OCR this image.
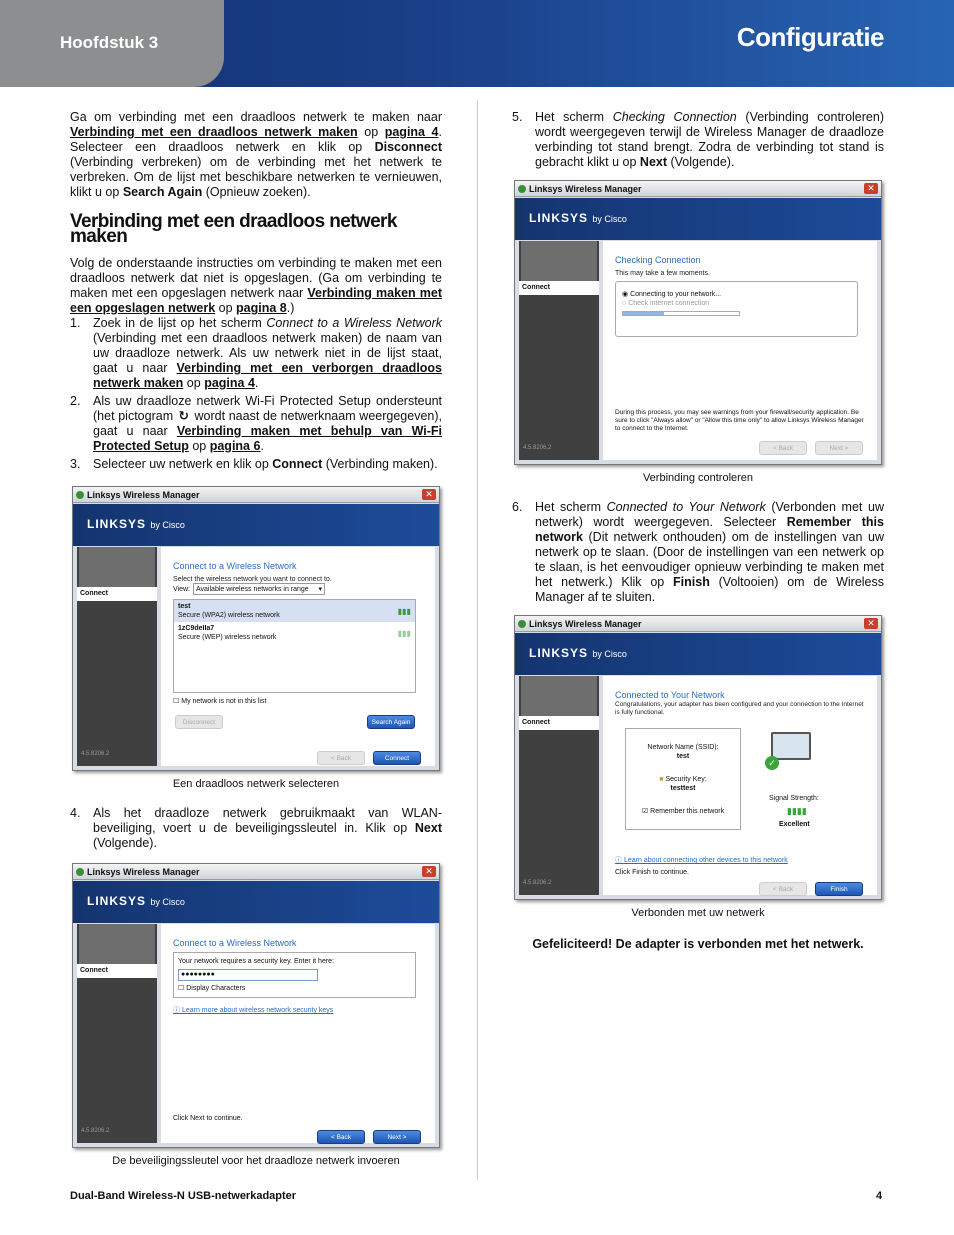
Hoofdstuk 3	Configuratie

Ga om verbinding met een draadloos netwerk te maken naar Verbinding met een draadloos netwerk maken op pagina 4. Selecteer een draadloos netwerk en klik op Disconnect (Verbinding verbreken) om de verbinding met het netwerk te verbreken. Om de lijst met beschikbare netwerken te vernieuwen, klikt u op Search Again (Opnieuw zoeken).

Verbinding met een draadloos netwerk maken

Volg de onderstaande instructies om verbinding te maken met een draadloos netwerk dat niet is opgeslagen. (Ga om verbinding te maken met een opgeslagen netwerk naar Verbinding maken met een opgeslagen netwerk op pagina 8.)

1.	Zoek in de lijst op het scherm Connect to a Wireless Network (Verbinding met een draadloos netwerk maken) de naam van uw draadloze netwerk. Als uw netwerk niet in de lijst staat, gaat u naar Verbinding met een verborgen draadloos netwerk maken op pagina 4.
2.	Als uw draadloze netwerk Wi-Fi Protected Setup ondersteunt (het pictogram ↻ wordt naast de netwerknaam weergegeven), gaat u naar Verbinding maken met behulp van Wi-Fi Protected Setup op pagina 6.
3.	Selecteer uw netwerk en klik op Connect (Verbinding maken).
Linksys Wireless Manager	✕
LINKSYS by Cisco
Connect
4.5.8206.2
Connect to a Wireless Network
Select the wireless network you want to connect to.
View: Available wireless networks in range ▾
test
Secure (WPA2) wireless network	▮▮▮
1zC9deIIa7
Secure (WEP) wireless network	▮▮▮
☐ My network is not in this list
Disconnect	Search Again
< Back	Connect
Een draadloos netwerk selecteren
4.	Als het draadloze netwerk gebruikmaakt van WLAN-beveiliging, voert u de beveiligingssleutel in. Klik op Next (Volgende).
Linksys Wireless Manager	✕
LINKSYS by Cisco
Connect
4.5.8206.2
Connect to a Wireless Network
Your network requires a security key. Enter it here:
●●●●●●●●
☐ Display Characters
ⓘ Learn more about wireless network security keys
Click Next to continue.
< Back	Next >
De beveiligingssleutel voor het draadloze netwerk invoeren
5.	Het scherm Checking Connection (Verbinding controleren) wordt weergegeven terwijl de Wireless Manager de draadloze verbinding tot stand brengt. Zodra de verbinding tot stand is gebracht klikt u op Next (Volgende).
Linksys Wireless Manager	✕
LINKSYS by Cisco
Connect
4.5.8206.2
Checking Connection
This may take a few moments.
◉ Connecting to your network...
○ Check internet connection
During this process, you may see warnings from your firewall/security application. Be sure to click "Always allow" or "Allow this time only" to allow Linksys Wireless Manager to connect to the Internet.
< Back	Next >
Verbinding controleren
6.	Het scherm Connected to Your Network (Verbonden met uw netwerk) wordt weergegeven. Selecteer Remember this network (Dit netwerk onthouden) om de instellingen van uw netwerk op te slaan. (Door de instellingen van een netwerk op te slaan, is het eenvoudiger opnieuw verbinding te maken met het netwerk.) Klik op Finish (Voltooien) om de Wireless Manager af te sluiten.
Linksys Wireless Manager	✕
LINKSYS by Cisco
Connect
4.5.8206.2
Connected to Your Network
Congratulations, your adapter has been configured and your connection to the Internet is fully functional.
Network Name (SSID):
test
■ Security Key:
testtest
☑ Remember this network
✓
Signal Strength:
▮▮▮▮
Excellent
ⓘ Learn about connecting other devices to this network
Click Finish to continue.
< Back	Finish
Verbonden met uw netwerk
Gefeliciteerd! De adapter is verbonden met het netwerk.
Dual-Band Wireless-N USB-netwerkadapter	4
